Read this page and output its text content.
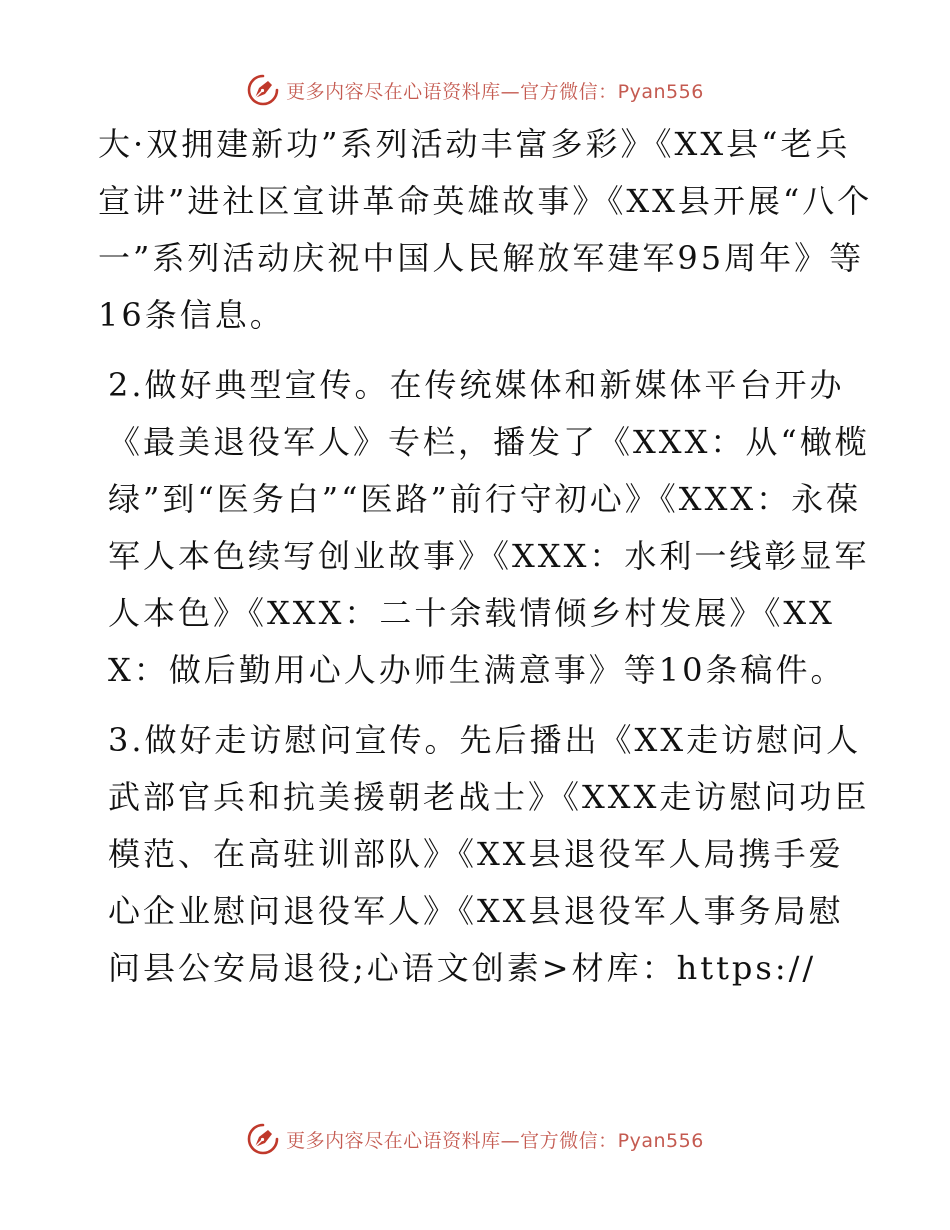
更多内容尽在心语资料库—官方微信：Pyan556

大·双拥建新功”系列活动丰富多彩》《XX县“老兵宣讲”进社区宣讲革命英雄故事》《XX县开展“八个一”系列活动庆祝中国人民解放军建军95周年》等16条信息。

2.做好典型宣传。在传统媒体和新媒体平台开办《最美退役军人》专栏，播发了《XXX：从“橄榄绿”到“医务白”“医路”前行守初心》《XXX：永葆军人本色续写创业故事》《XXX：水利一线彰显军人本色》《XXX：二十余载情倾乡村发展》《XXX：做后勤用心人办师生满意事》等10条稿件。

3.做好走访慰问宣传。先后播出《XX走访慰问人武部官兵和抗美援朝老战士》《XXX走访慰问功臣模范、在高驻训部队》《XX县退役军人局携手爱心企业慰问退役军人》《XX县退役军人事务局慰问县公安局退役;心语文创素>材库：https://

更多内容尽在心语资料库—官方微信：Pyan556
